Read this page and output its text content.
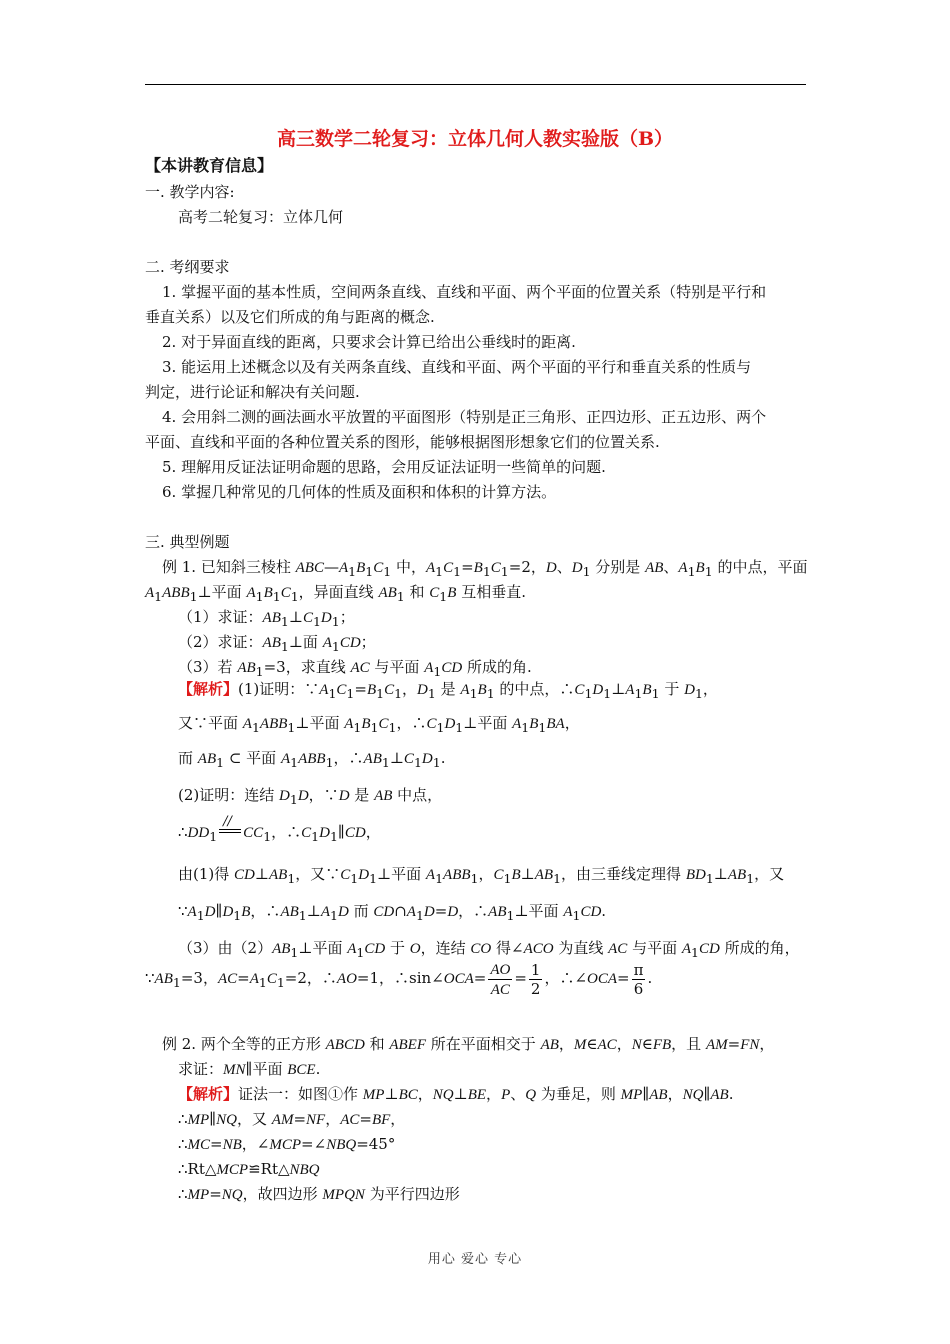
高三数学二轮复习：立体几何人教实验版（B）
【本讲教育信息】
一. 教学内容:
高考二轮复习：立体几何
二. 考纲要求
1. 掌握平面的基本性质，空间两条直线、直线和平面、两个平面的位置关系（特别是平行和
垂直关系）以及它们所成的角与距离的概念.
2. 对于异面直线的距离，只要求会计算已给出公垂线时的距离.
3. 能运用上述概念以及有关两条直线、直线和平面、两个平面的平行和垂直关系的性质与
判定，进行论证和解决有关问题.
4. 会用斜二测的画法画水平放置的平面图形（特别是正三角形、正四边形、正五边形、两个
平面、直线和平面的各种位置关系的图形，能够根据图形想象它们的位置关系.
5. 理解用反证法证明命题的思路，会用反证法证明一些简单的问题.
6. 掌握几种常见的几何体的性质及面积和体积的计算方法。
三. 典型例题
例 1. 已知斜三棱柱 $ABC—A_1B_1C_1$ 中，$A_1C_1=B_1C_1=2$，D、$D_1$ 分别是 AB、$A_1B_1$ 的中点，平面
$A_1ABB_1\perp$平面 $A_1B_1C_1$，异面直线 $AB_1$ 和 $C_1B$ 互相垂直.
（1）求证：$AB_1\perp C_1D_1$；
（2）求证：$AB_1\perp$面 $A_1CD$；
（3）若 $AB_1=3$，求直线 AC 与平面 $A_1CD$ 所成的角.
【解析】(1)证明：$\because A_1C_1=B_1C_1$，$D_1$ 是 $A_1B_1$ 的中点，$\therefore C_1D_1\perp A_1B_1$ 于 $D_1$，
又∵平面 $A_1ABB_1\perp$平面 $A_1B_1C_1$，$\therefore C_1D_1\perp$平面 $A_1B_1BA$，
而 $AB_1$ ⊂ 平面 $A_1ABB_1$，$\therefore AB_1\perp C_1D_1$.
(2)证明：连结 $D_1D$，∵D 是 AB 中点，
$\therefore DD_1//$ $CC_1$，$\therefore C_1D_1\parallel CD$，
由(1)得 $CD\perp AB_1$，又$\because C_1D_1\perp$平面 $A_1ABB_1$，$C_1B\perp AB_1$，由三垂线定理得 $BD_1\perp AB_1$，又
$\because A_1D\parallel D_1B$，$\therefore AB_1\perp A_1D$ 而 $CD\cap A_1D=D$，$\therefore AB_1\perp$平面 $A_1CD$.
（3）由$(2)AB_1\perp$平面 $A_1CD$ 于 O，连结 CO 得∠ACO 为直线 AC 与平面 $A_1CD$ 所成的角，
$\because AB_1=3$，$AC=A_1C_1=2$，∴AO=1，∴sin∠OCA= $\frac{AO}{AC} = \frac{1}{2}$ ，∴∠OCA= $\frac{\pi}{6}$ .
例 2. 两个全等的正方形 ABCD 和 ABEF 所在平面相交于 AB，M∈AC，N∈FB，且 AM=FN，
求证：MN∥平面 BCE.
【解析】证法一：如图①作 MP⊥BC，NQ⊥BE，P、Q 为垂足，则 MP∥AB，NQ∥AB.
∴MP∥NQ，又 AM=NF，AC=BF，
∴MC=NB，∠MCP=∠NBQ=45°
∴Rt△MCP≌Rt△NBQ
∴MP=NQ，故四边形 MPQN 为平行四边形
用心 爱心 专心
